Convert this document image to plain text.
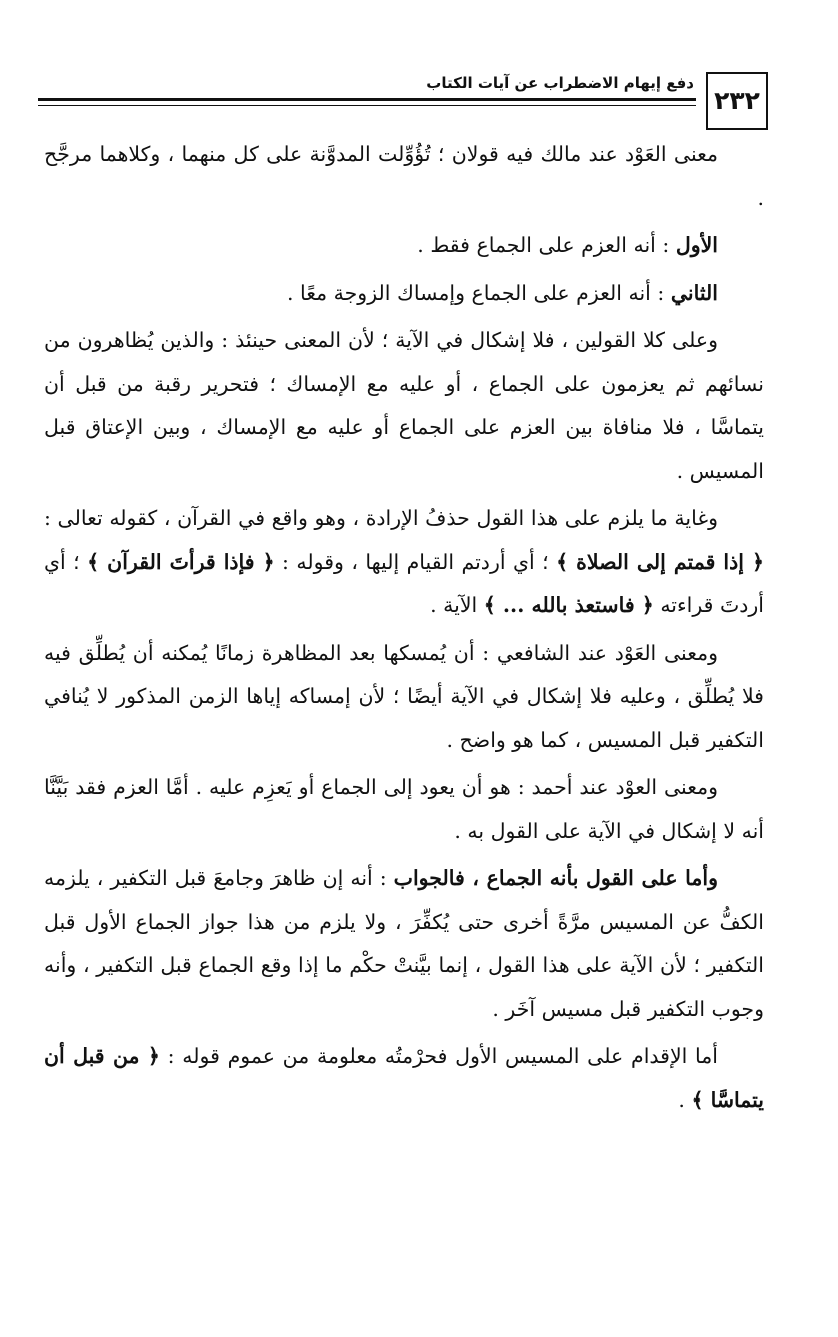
٢٣٢
دفع إيهام الاضطراب عن آيات الكتاب

معنى العَوْد عند مالك فيه قولان ؛ تُؤُوِّلت المدوَّنة على كل منهما ، وكلاهما مرجَّح .

الأول : أنه العزم على الجماع فقط .

الثاني : أنه العزم على الجماع وإمساك الزوجة معًا .

وعلى كلا القولين ، فلا إشكال في الآية ؛ لأن المعنى حينئذ : والذين يُظاهرون من نسائهم ثم يعزمون على الجماع ، أو عليه مع الإمساك ؛ فتحرير رقبة من قبل أن يتماسَّا ، فلا منافاة بين العزم على الجماع أو عليه مع الإمساك ، وبين الإعتاق قبل المسيس .

وغاية ما يلزم على هذا القول حذفُ الإرادة ، وهو واقع في القرآن ، كقوله تعالى : ﴿ إذا قمتم إلى الصلاة ﴾ ؛ أي أردتم القيام إليها ، وقوله : ﴿ فإذا قرأتَ القرآن ﴾ ؛ أي أردتَ قراءته ﴿ فاستعذ بالله ... ﴾ الآية .

ومعنى العَوْد عند الشافعي : أن يُمسكها بعد المظاهرة زمانًا يُمكنه أن يُطلِّق فيه فلا يُطلِّق ، وعليه فلا إشكال في الآية أيضًا ؛ لأن إمساكه إياها الزمن المذكور لا يُنافي التكفير قبل المسيس ، كما هو واضح .

ومعنى العوْد عند أحمد : هو أن يعود إلى الجماع أو يَعزِم عليه . أمَّا العزم فقد بَيَّنَّا أنه لا إشكال في الآية على القول به .

وأما على القول بأنه الجماع ، فالجواب : أنه إن ظاهرَ وجامعَ قبل التكفير ، يلزمه الكفُّ عن المسيس مرَّةً أخرى حتى يُكفِّرَ ، ولا يلزم من هذا جواز الجماع الأول قبل التكفير ؛ لأن الآية على هذا القول ، إنما بيَّنتْ حكْم ما إذا وقع الجماع قبل التكفير ، وأنه وجوب التكفير قبل مسيس آخَر .

أما الإقدام على المسيس الأول فحرْمتُه معلومة من عموم قوله : ﴿ من قبل أن يتماسَّا ﴾ .
